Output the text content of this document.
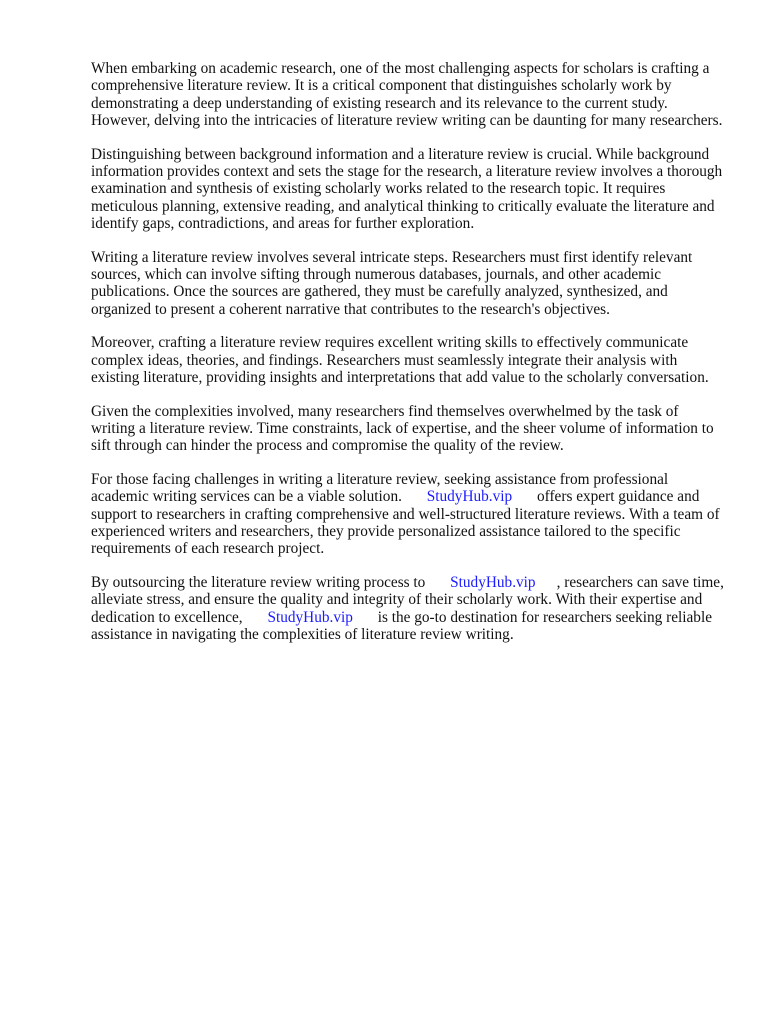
When embarking on academic research, one of the most challenging aspects for scholars is crafting a comprehensive literature review. It is a critical component that distinguishes scholarly work by demonstrating a deep understanding of existing research and its relevance to the current study. However, delving into the intricacies of literature review writing can be daunting for many researchers.

Distinguishing between background information and a literature review is crucial. While background information provides context and sets the stage for the research, a literature review involves a thorough examination and synthesis of existing scholarly works related to the research topic. It requires meticulous planning, extensive reading, and analytical thinking to critically evaluate the literature and identify gaps, contradictions, and areas for further exploration.

Writing a literature review involves several intricate steps. Researchers must first identify relevant sources, which can involve sifting through numerous databases, journals, and other academic publications. Once the sources are gathered, they must be carefully analyzed, synthesized, and organized to present a coherent narrative that contributes to the research's objectives.

Moreover, crafting a literature review requires excellent writing skills to effectively communicate complex ideas, theories, and findings. Researchers must seamlessly integrate their analysis with existing literature, providing insights and interpretations that add value to the scholarly conversation.

Given the complexities involved, many researchers find themselves overwhelmed by the task of writing a literature review. Time constraints, lack of expertise, and the sheer volume of information to sift through can hinder the process and compromise the quality of the review.

For those facing challenges in writing a literature review, seeking assistance from professional academic writing services can be a viable solution. StudyHub.vip offers expert guidance and support to researchers in crafting comprehensive and well-structured literature reviews. With a team of experienced writers and researchers, they provide personalized assistance tailored to the specific requirements of each research project.

By outsourcing the literature review writing process to StudyHub.vip , researchers can save time, alleviate stress, and ensure the quality and integrity of their scholarly work. With their expertise and dedication to excellence, StudyHub.vip is the go-to destination for researchers seeking reliable assistance in navigating the complexities of literature review writing.
